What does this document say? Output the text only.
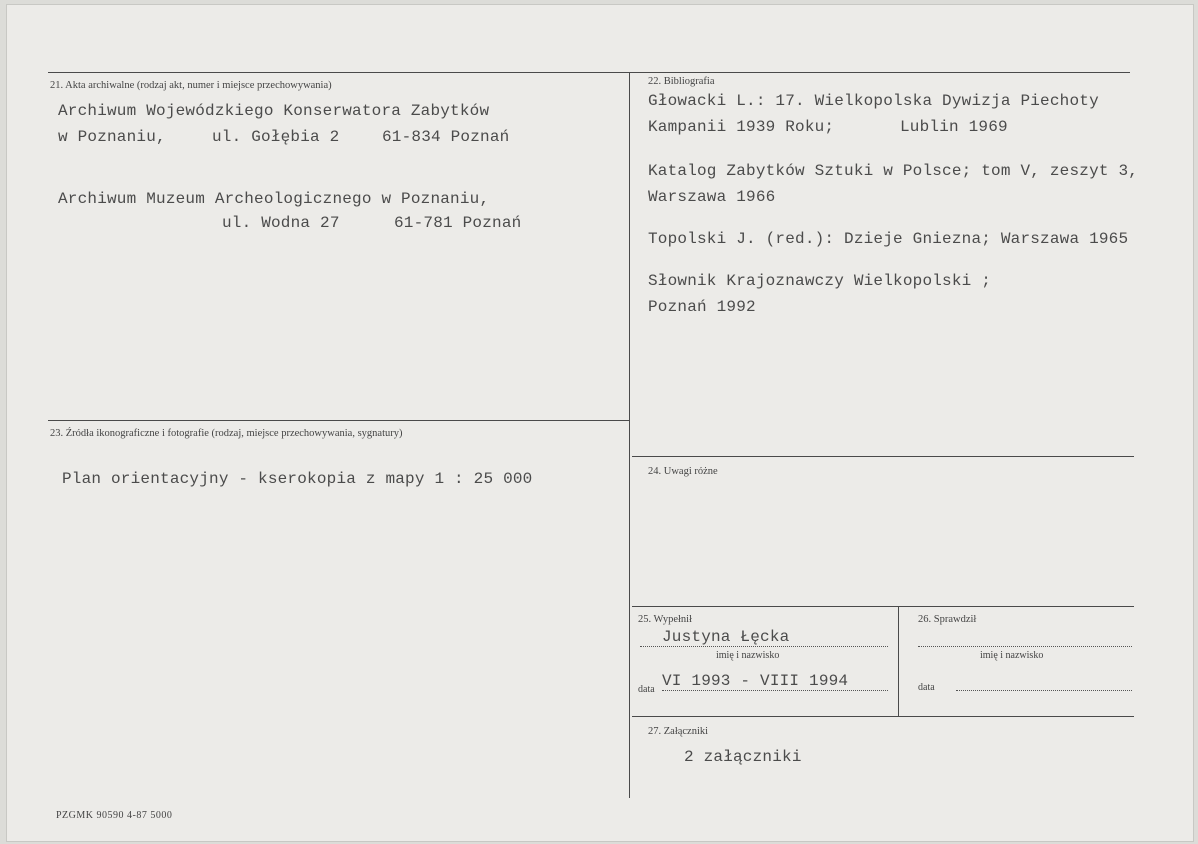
21. Akta archiwalne (rodzaj akt, numer i miejsce przechowywania)
Archiwum Wojewódzkiego Konserwatora Zabytków
w Poznaniu,	ul. Gołębia 2	61-834 Poznań
Archiwum Muzeum Archeologicznego w Poznaniu,
ul. Wodna 27	61-781 Poznań
22. Bibliografia
Głowacki L.: 17. Wielkopolska Dywizja Piechoty
Kampanii 1939 Roku;	Lublin 1969
Katalog Zabytków Sztuki w Polsce; tom V, zeszyt 3,
Warszawa 1966
Topolski J. (red.): Dzieje Gniezna; Warszawa 1965
Słownik Krajoznawczy Wielkopolski ;
Poznań 1992
23. Źródła ikonograficzne i fotografie (rodzaj, miejsce przechowywania, sygnatury)
Plan orientacyjny - kserokopia z mapy 1 : 25 000	24. Uwagi różne
25. Wypełnił
Justyna Łęcka
imię i nazwisko
data VI 1993 - VIII 1994
26. Sprawdził
imię i nazwisko
data
27. Załączniki
2 załączniki
PZGMK 90590 4-87 5000
